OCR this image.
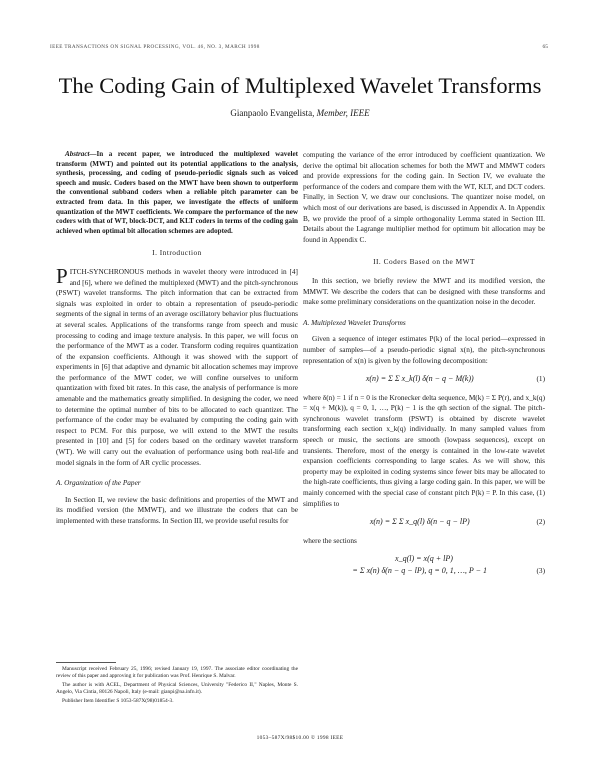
IEEE TRANSACTIONS ON SIGNAL PROCESSING, VOL. 46, NO. 3, MARCH 1998	65
The Coding Gain of Multiplexed Wavelet Transforms
Gianpaolo Evangelista, Member, IEEE

Abstract—In a recent paper, we introduced the multiplexed wavelet transform (MWT) and pointed out its potential applications to the analysis, synthesis, processing, and coding of pseudo-periodic signals such as voiced speech and music. Coders based on the MWT have been shown to outperform the conventional subband coders when a reliable pitch parameter can be extracted from data. In this paper, we investigate the effects of uniform quantization of the MWT coefficients. We compare the performance of the new coders with that of WT, block-DCT, and KLT coders in terms of the coding gain achieved when optimal bit allocation schemes are adopted.

I. Introduction

PITCH-SYNCHRONOUS methods in wavelet theory were introduced in [4] and [6], where we defined the multiplexed (MWT) and the pitch-synchronous (PSWT) wavelet transforms. The pitch information that can be extracted from signals was exploited in order to obtain a representation of pseudo-periodic segments of the signal in terms of an average oscillatory behavior plus fluctuations at several scales. Applications of the transforms range from speech and music processing to coding and image texture analysis. In this paper, we will focus on the performance of the MWT as a coder. Transform coding requires quantization of the expansion coefficients. Although it was showed with the support of experiments in [6] that adaptive and dynamic bit allocation schemes may improve the performance of the MWT coder, we will confine ourselves to uniform quantization with fixed bit rates. In this case, the analysis of performance is more amenable and the mathematics greatly simplified. In designing the coder, we need to determine the optimal number of bits to be allocated to each quantizer. The performance of the coder may be evaluated by computing the coding gain with respect to PCM. For this purpose, we will extend to the MWT the results presented in [10] and [5] for coders based on the ordinary wavelet transform (WT). We will carry out the evaluation of performance using both real-life and model signals in the form of AR cyclic processes.

A. Organization of the Paper

In Section II, we review the basic definitions and properties of the MWT and its modified version (the MMWT), and we illustrate the coders that can be implemented with these transforms. In Section III, we provide useful results for

computing the variance of the error introduced by coefficient quantization. We derive the optimal bit allocation schemes for both the MWT and MMWT coders and provide expressions for the coding gain. In Section IV, we evaluate the performance of the coders and compare them with the WT, KLT, and DCT coders. Finally, in Section V, we draw our conclusions. The quantizer noise model, on which most of our derivations are based, is discussed in Appendix A. In Appendix B, we provide the proof of a simple orthogonality Lemma stated in Section III. Details about the Lagrange multiplier method for optimum bit allocation may be found in Appendix C.

II. Coders Based on the MWT

In this section, we briefly review the MWT and its modified version, the MMWT. We describe the coders that can be designed with these transforms and make some preliminary considerations on the quantization noise in the decoder.

A. Multiplexed Wavelet Transforms

Given a sequence of integer estimates P(k) of the local period—expressed in number of samples—of a pseudo-periodic signal x(n), the pitch-synchronous representation of x(n) is given by the following decomposition:

x(n) = Σ Σ x_k(l) δ(n − q − M(k))	(1)

where δ(n) = 1 if n = 0 is the Kronecker delta sequence, M(k) = Σ P(r), and x_k(q) = x(q + M(k)), q = 0, 1, …, P(k) − 1 is the qth section of the signal. The pitch-synchronous wavelet transform (PSWT) is obtained by discrete wavelet transforming each section x_k(q) individually. In many sampled values from speech or music, the sections are smooth (lowpass sequences), except on transients. Therefore, most of the energy is contained in the low-rate wavelet expansion coefficients corresponding to large scales. As we will show, this property may be exploited in coding systems since fewer bits may be allocated to the high-rate coefficients, thus giving a large coding gain. In this paper, we will be mainly concerned with the special case of constant pitch P(k) = P. In this case, (1) simplifies to

x(n) = Σ Σ x_q(l) δ(n − q − lP)	(2)

where the sections

x_q(l) = x(q + lP)
= Σ x(n) δ(n − q − lP), q = 0, 1, …, P − 1	(3)

Manuscript received February 25, 1996; revised January 19, 1997. The associate editor coordinating the review of this paper and approving it for publication was Prof. Henrique S. Malvar.

The author is with ACEL, Department of Physical Sciences, University "Federico II," Naples, Monte S. Angelo, Via Cintia, 80126 Napoli, Italy (e-mail: gianpi@na.infn.it).

Publisher Item Identifier S 1053-587X(98)01854-3.

1053–587X/98$10.00 © 1998 IEEE
